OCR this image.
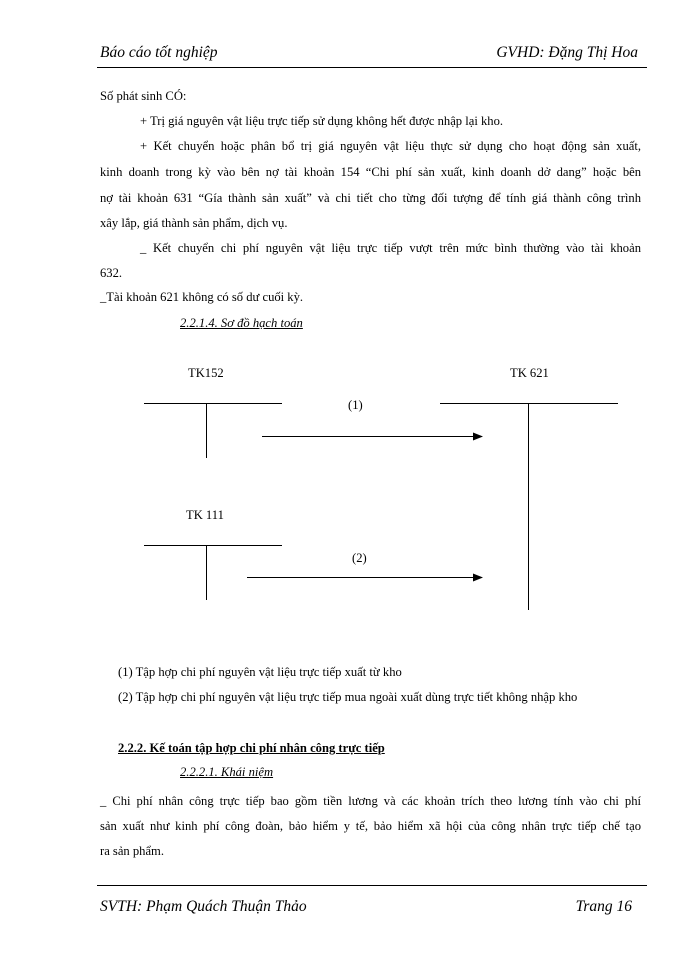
Báo cáo tốt nghiệp	GVHD: Đặng Thị Hoa
Số phát sinh CÓ:
+ Trị giá nguyên vật liệu trực tiếp sử dụng không hết được nhập lại kho.
+ Kết chuyển hoặc phân bổ trị giá nguyên vật liệu thực sử dụng cho hoạt động sản xuất,
kinh doanh trong kỳ vào bên nợ tài khoản 154 “Chi phí sản xuất, kinh doanh dở dang” hoặc bên
nợ tài khoản 631 “Gía thành sản xuất” và chi tiết cho từng đối tượng để tính giá thành công trình
xây lắp, giá thành sản phẩm, dịch vụ.
_ Kết chuyển chi phí nguyên vật liệu trực tiếp vượt trên mức bình thường vào tài khoản
632.
_Tài khoản 621 không có số dư cuối kỳ.
2.2.1.4. Sơ đồ hạch toán
TK152	TK 621
(1)
TK 111
(2)
(1) Tập hợp chi phí nguyên vật liệu trực tiếp xuất từ kho
(2) Tập hợp chi phí nguyên vật liệu trực tiếp mua ngoài xuất dùng trực tiết không nhập kho
2.2.2. Kế toán tập hợp chi phí nhân công trực tiếp
2.2.2.1. Khái niệm
_ Chi phí nhân công trực tiếp bao gồm tiền lương và các khoản trích theo lương tính vào chi phí
sản xuất như kinh phí công đoàn, bảo hiểm y tế, bảo hiểm xã hội của công nhân trực tiếp chế tạo
ra sản phẩm.
SVTH: Phạm Quách Thuận Thảo	Trang 16
